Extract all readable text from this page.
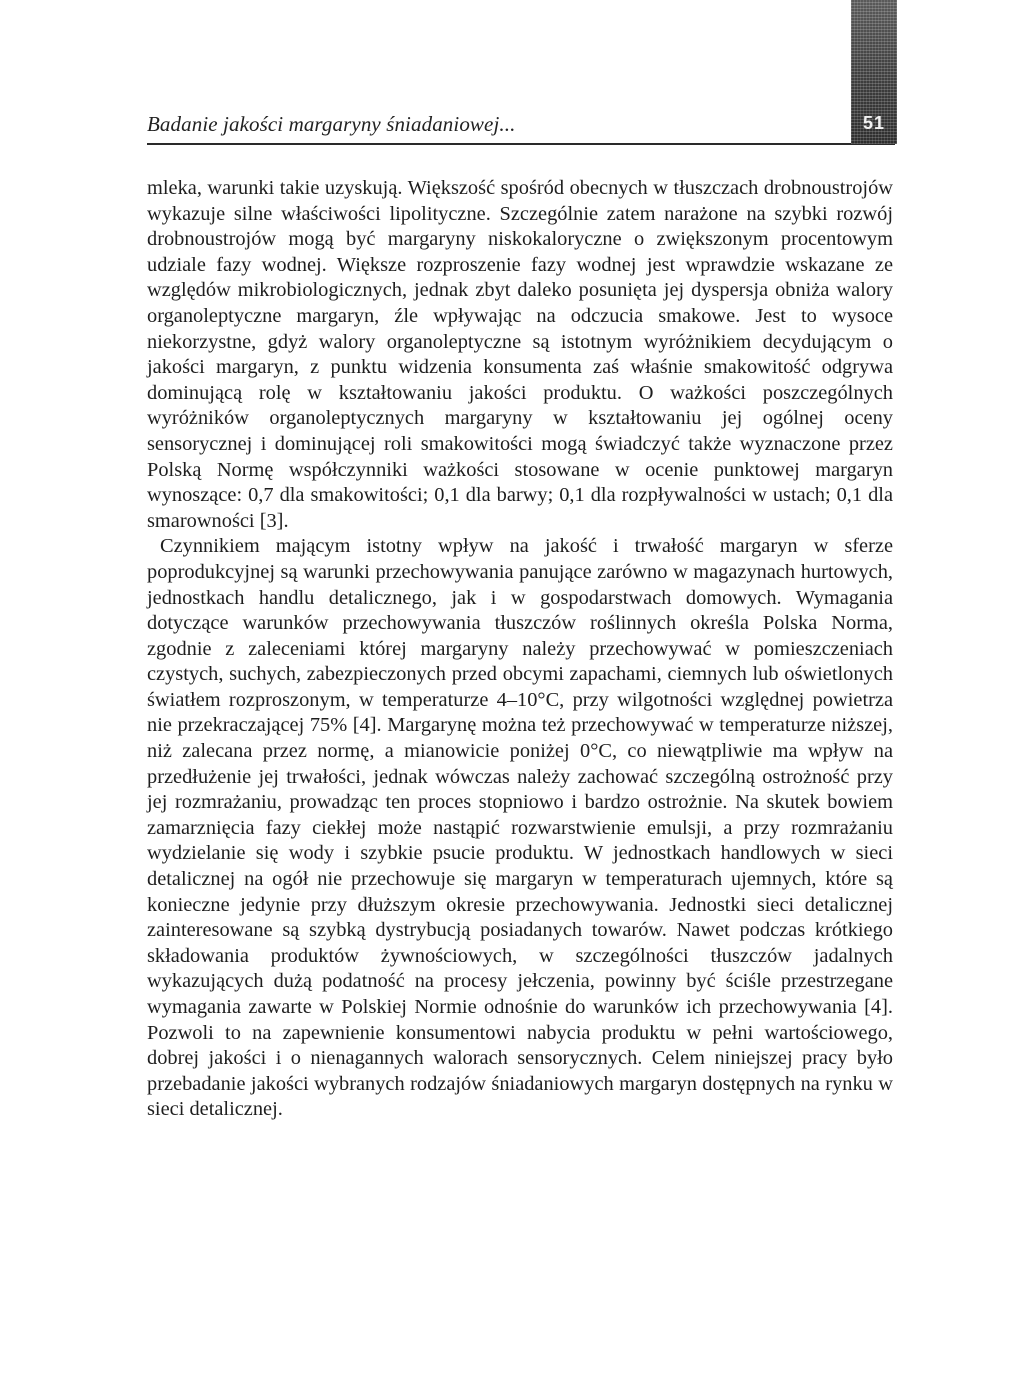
Badanie jakości margaryny śniadaniowej...	51

mleka, warunki takie uzyskują. Większość spośród obecnych w tłuszczach drobnoustrojów wykazuje silne właściwości lipolityczne. Szczególnie zatem narażone na szybki rozwój drobnoustrojów mogą być margaryny niskokaloryczne o zwiększonym procentowym udziale fazy wodnej. Większe rozproszenie fazy wodnej jest wprawdzie wskazane ze względów mikrobiologicznych, jednak zbyt daleko posunięta jej dyspersja obniża walory organoleptyczne margaryn, źle wpływając na odczucia smakowe. Jest to wysoce niekorzystne, gdyż walory organoleptyczne są istotnym wyróżnikiem decydującym o jakości margaryn, z punktu widzenia konsumenta zaś właśnie smakowitość odgrywa dominującą rolę w kształtowaniu jakości produktu. O ważkości poszczególnych wyróżników organoleptycznych margaryny w kształtowaniu jej ogólnej oceny sensorycznej i dominującej roli smakowitości mogą świadczyć także wyznaczone przez Polską Normę współczynniki ważkości stosowane w ocenie punktowej margaryn wynoszące: 0,7 dla smakowitości; 0,1 dla barwy; 0,1 dla rozpływalności w ustach; 0,1 dla smarowności [3].

Czynnikiem mającym istotny wpływ na jakość i trwałość margaryn w sferze poprodukcyjnej są warunki przechowywania panujące zarówno w magazynach hurtowych, jednostkach handlu detalicznego, jak i w gospodarstwach domowych. Wymagania dotyczące warunków przechowywania tłuszczów roślinnych określa Polska Norma, zgodnie z zaleceniami której margaryny należy przechowywać w pomieszczeniach czystych, suchych, zabezpieczonych przed obcymi zapachami, ciemnych lub oświetlonych światłem rozproszonym, w temperaturze 4–10°C, przy wilgotności względnej powietrza nie przekraczającej 75% [4]. Margarynę można też przechowywać w temperaturze niższej, niż zalecana przez normę, a mianowicie poniżej 0°C, co niewątpliwie ma wpływ na przedłużenie jej trwałości, jednak wówczas należy zachować szczególną ostrożność przy jej rozmrażaniu, prowadząc ten proces stopniowo i bardzo ostrożnie. Na skutek bowiem zamarznięcia fazy ciekłej może nastąpić rozwarstwienie emulsji, a przy rozmrażaniu wydzielanie się wody i szybkie psucie produktu. W jednostkach handlowych w sieci detalicznej na ogół nie przechowuje się margaryn w temperaturach ujemnych, które są konieczne jedynie przy dłuższym okresie przechowywania. Jednostki sieci detalicznej zainteresowane są szybką dystrybucją posiadanych towarów. Nawet podczas krótkiego składowania produktów żywnościowych, w szczególności tłuszczów jadalnych wykazujących dużą podatność na procesy jełczenia, powinny być ściśle przestrzegane wymagania zawarte w Polskiej Normie odnośnie do warunków ich przechowywania [4]. Pozwoli to na zapewnienie konsumentowi nabycia produktu w pełni wartościowego, dobrej jakości i o nienagannych walorach sensorycznych. Celem niniejszej pracy było przebadanie jakości wybranych rodzajów śniadaniowych margaryn dostępnych na rynku w sieci detalicznej.
